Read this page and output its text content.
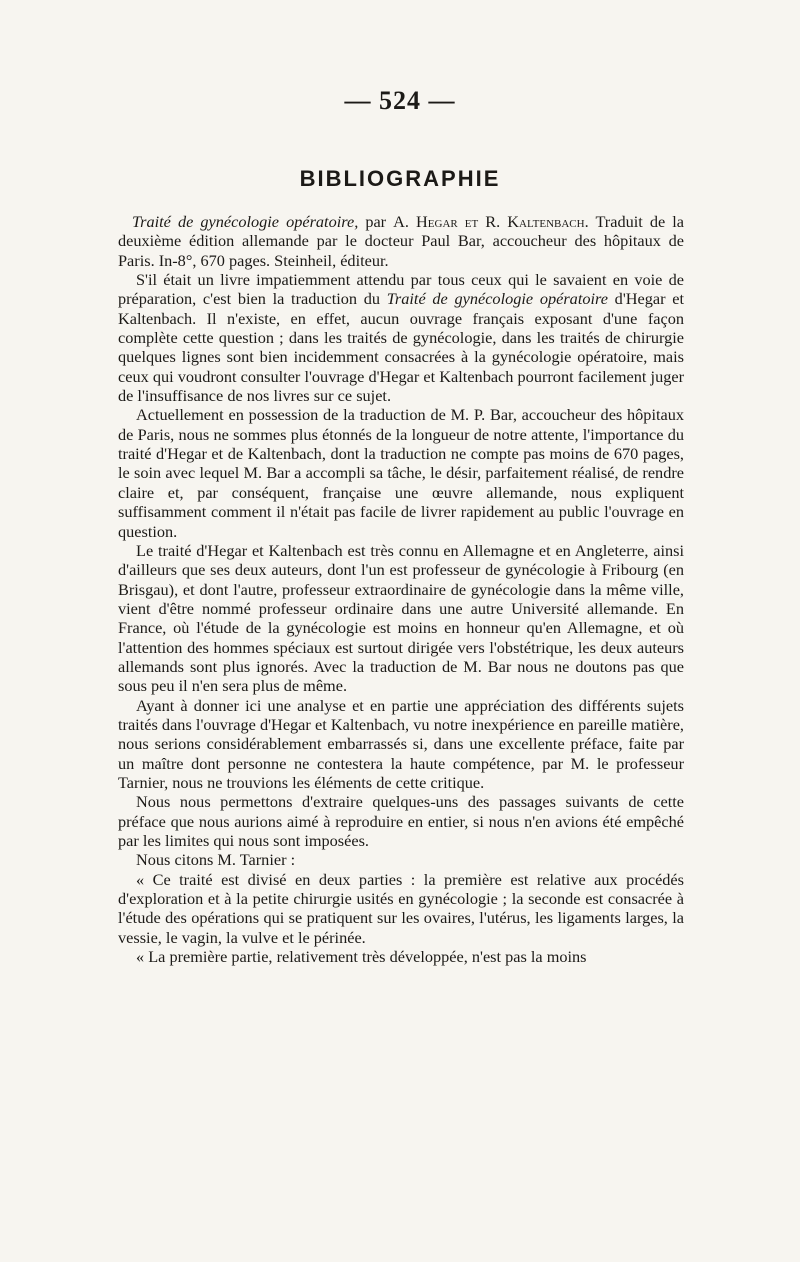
— 524 —
BIBLIOGRAPHIE

Traité de gynécologie opératoire, par A. Hegar et R. Kaltenbach. Traduit de la deuxième édition allemande par le docteur Paul Bar, accoucheur des hôpitaux de Paris. In-8°, 670 pages. Steinheil, éditeur.

S'il était un livre impatiemment attendu par tous ceux qui le savaient en voie de préparation, c'est bien la traduction du Traité de gynécologie opératoire d'Hegar et Kaltenbach. Il n'existe, en effet, aucun ouvrage français exposant d'une façon complète cette question ; dans les traités de gynécologie, dans les traités de chirurgie quelques lignes sont bien incidemment consacrées à la gynécologie opératoire, mais ceux qui voudront consulter l'ouvrage d'Hegar et Kaltenbach pourront facilement juger de l'insuffisance de nos livres sur ce sujet.

Actuellement en possession de la traduction de M. P. Bar, accoucheur des hôpitaux de Paris, nous ne sommes plus étonnés de la longueur de notre attente, l'importance du traité d'Hegar et de Kaltenbach, dont la traduction ne compte pas moins de 670 pages, le soin avec lequel M. Bar a accompli sa tâche, le désir, parfaitement réalisé, de rendre claire et, par conséquent, française une œuvre allemande, nous expliquent suffisamment comment il n'était pas facile de livrer rapidement au public l'ouvrage en question.

Le traité d'Hegar et Kaltenbach est très connu en Allemagne et en Angleterre, ainsi d'ailleurs que ses deux auteurs, dont l'un est professeur de gynécologie à Fribourg (en Brisgau), et dont l'autre, professeur extraordinaire de gynécologie dans la même ville, vient d'être nommé professeur ordinaire dans une autre Université allemande. En France, où l'étude de la gynécologie est moins en honneur qu'en Allemagne, et où l'attention des hommes spéciaux est surtout dirigée vers l'obstétrique, les deux auteurs allemands sont plus ignorés. Avec la traduction de M. Bar nous ne doutons pas que sous peu il n'en sera plus de même.

Ayant à donner ici une analyse et en partie une appréciation des différents sujets traités dans l'ouvrage d'Hegar et Kaltenbach, vu notre inexpérience en pareille matière, nous serions considérablement embarrassés si, dans une excellente préface, faite par un maître dont personne ne contestera la haute compétence, par M. le professeur Tarnier, nous ne trouvions les éléments de cette critique.

Nous nous permettons d'extraire quelques-uns des passages suivants de cette préface que nous aurions aimé à reproduire en entier, si nous n'en avions été empêché par les limites qui nous sont imposées.

Nous citons M. Tarnier :

« Ce traité est divisé en deux parties : la première est relative aux procédés d'exploration et à la petite chirurgie usités en gynécologie ; la seconde est consacrée à l'étude des opérations qui se pratiquent sur les ovaires, l'utérus, les ligaments larges, la vessie, le vagin, la vulve et le périnée.

« La première partie, relativement très développée, n'est pas la moins
